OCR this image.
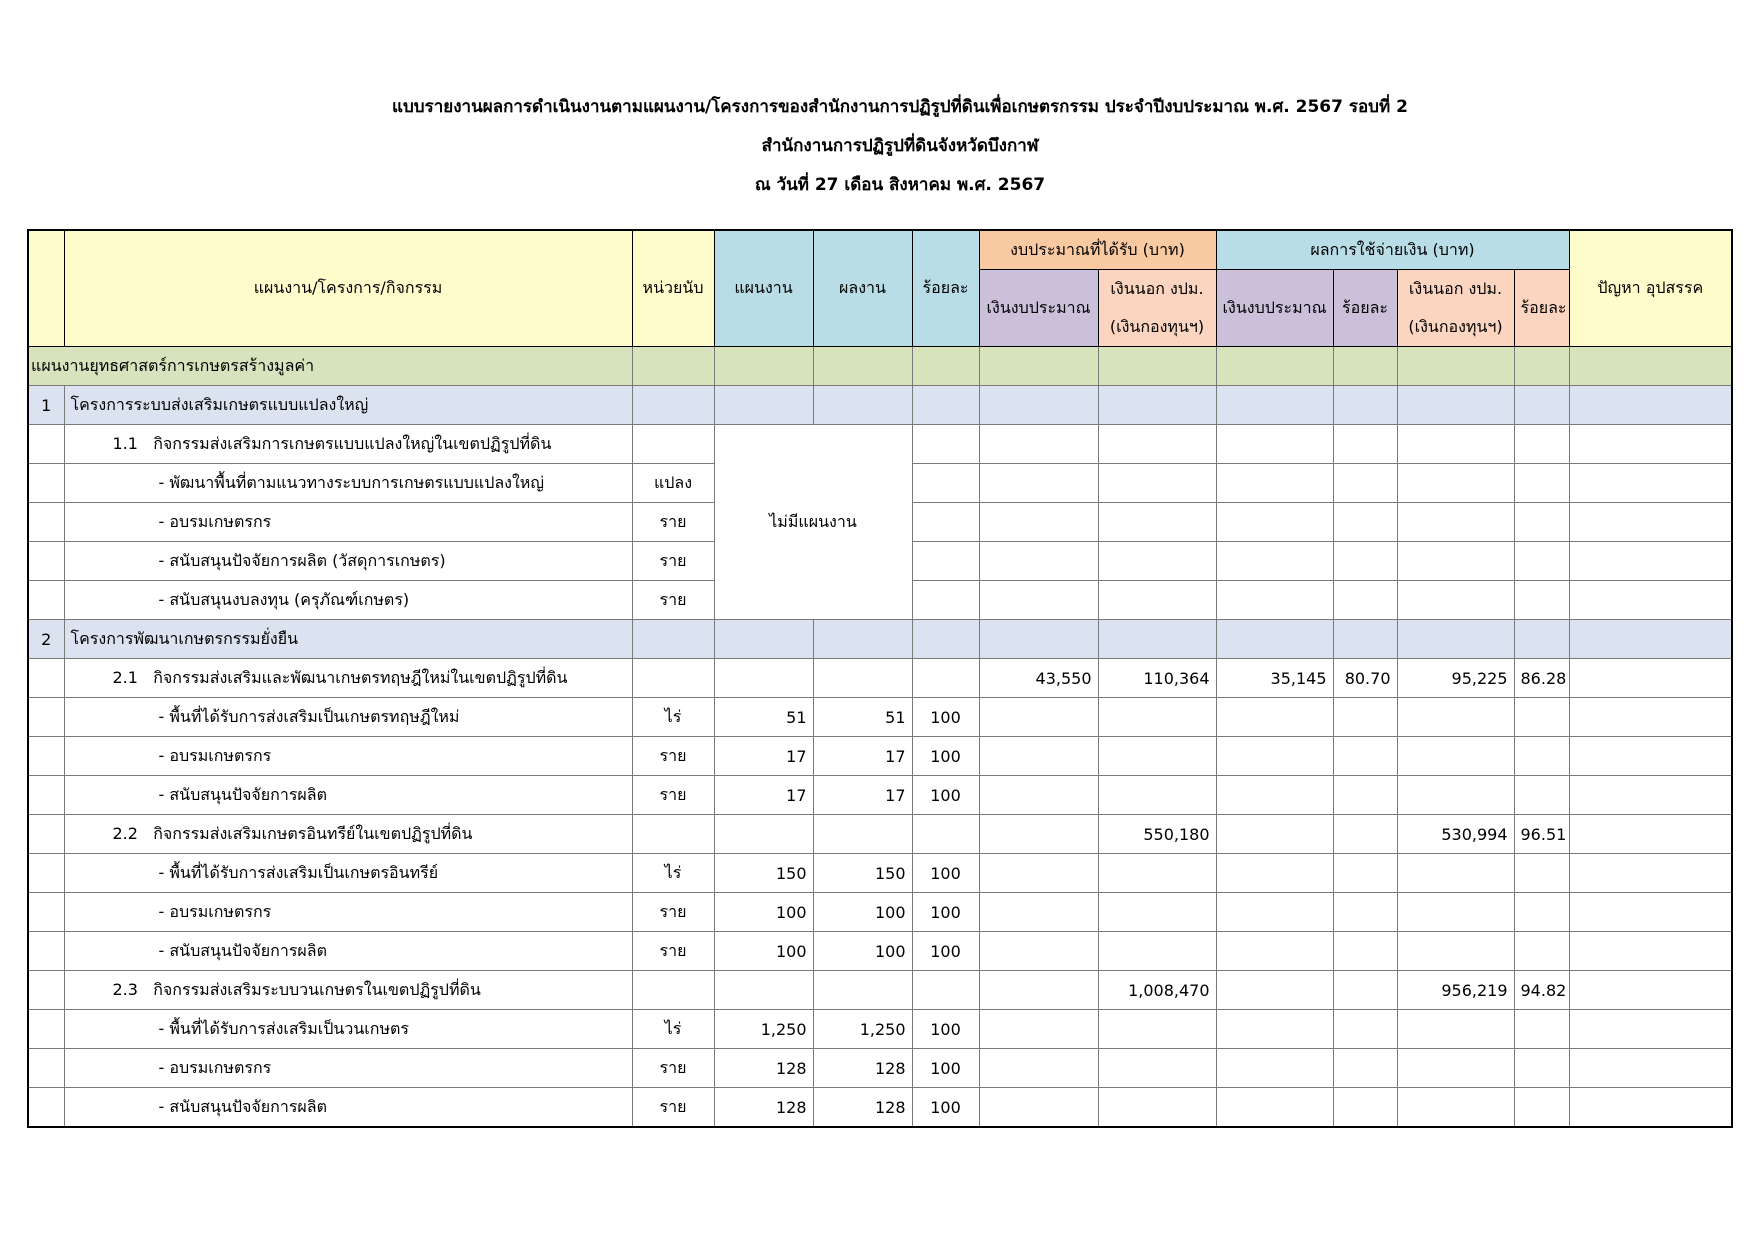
แบบรายงานผลการดำเนินงานตามแผนงาน/โครงการของสำนักงานการปฏิรูปที่ดินเพื่อเกษตรกรรม ประจำปีงบประมาณ พ.ศ. 2567 รอบที่ 2
สำนักงานการปฏิรูปที่ดินจังหวัดบึงกาฬ
ณ วันที่ 27 เดือน สิงหาคม พ.ศ. 2567
	แผนงาน/โครงการ/กิจกรรม	หน่วยนับ	แผนงาน	ผลงาน	ร้อยละ	งบประมาณที่ได้รับ (บาท)		ผลการใช้จ่ายเงิน (บาท)				ปัญหา อุปสรรค
						เงินงบประมาณ	เงินนอก งปม.	เงินงบประมาณ	ร้อยละ	เงินนอก งปม.	ร้อยละ	
							(เงินกองทุนฯ)			(เงินกองทุนฯ)		
แผนงานยุทธศาสตร์การเกษตรสร้างมูลค่า												
1	โครงการระบบส่งเสริมเกษตรแบบแปลงใหญ่											
	1.1 กิจกรรมส่งเสริมการเกษตรแบบแปลงใหญ่ในเขตปฏิรูปที่ดิน		ไม่มีแผนงาน									
	- พัฒนาพื้นที่ตามแนวทางระบบการเกษตรแบบแปลงใหญ่	แปลง										
	- อบรมเกษตรกร	ราย										
	- สนับสนุนปัจจัยการผลิต (วัสดุการเกษตร)	ราย										
	- สนับสนุนงบลงทุน (ครุภัณฑ์เกษตร)	ราย										
2	โครงการพัฒนาเกษตรกรรมยั่งยืน											
	2.1 กิจกรรมส่งเสริมและพัฒนาเกษตรทฤษฎีใหม่ในเขตปฏิรูปที่ดิน					43,550	110,364	35,145	80.70	95,225	86.28	
	- พื้นที่ได้รับการส่งเสริมเป็นเกษตรทฤษฎีใหม่	ไร่	51	51	100							
	- อบรมเกษตรกร	ราย	17	17	100							
	- สนับสนุนปัจจัยการผลิต	ราย	17	17	100							
	2.2 กิจกรรมส่งเสริมเกษตรอินทรีย์ในเขตปฏิรูปที่ดิน						550,180			530,994	96.51	
	- พื้นที่ได้รับการส่งเสริมเป็นเกษตรอินทรีย์	ไร่	150	150	100							
	- อบรมเกษตรกร	ราย	100	100	100							
	- สนับสนุนปัจจัยการผลิต	ราย	100	100	100							
	2.3 กิจกรรมส่งเสริมระบบวนเกษตรในเขตปฏิรูปที่ดิน						1,008,470			956,219	94.82	
	- พื้นที่ได้รับการส่งเสริมเป็นวนเกษตร	ไร่	1,250	1,250	100							
	- อบรมเกษตรกร	ราย	128	128	100							
	- สนับสนุนปัจจัยการผลิต	ราย	128	128	100							
